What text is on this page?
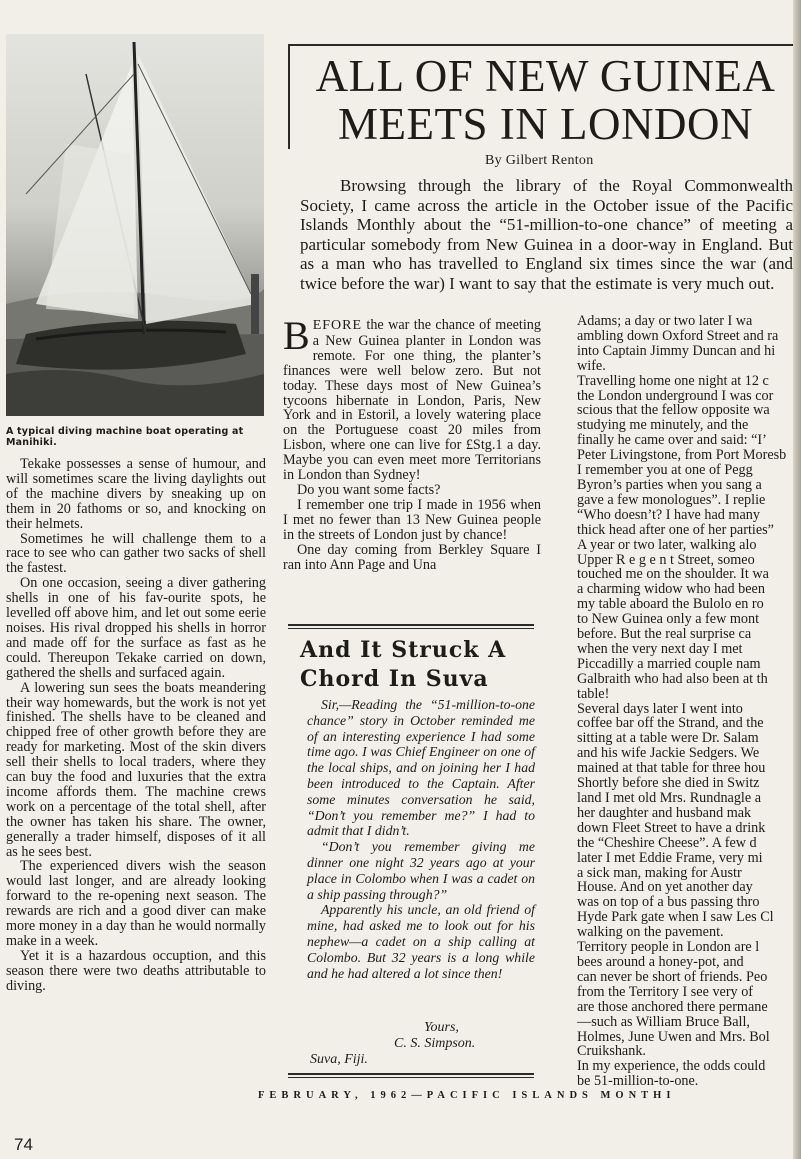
A typical diving machine boat operating at Manihiki.

Tekake possesses a sense of humour, and will sometimes scare the living daylights out of the machine divers by sneaking up on them in 20 fathoms or so, and knocking on their helmets.

Sometimes he will challenge them to a race to see who can gather two sacks of shell the fastest.

On one occasion, seeing a diver gathering shells in one of his fav-ourite spots, he levelled off above him, and let out some eerie noises. His rival dropped his shells in horror and made off for the surface as fast as he could. Thereupon Tekake carried on down, gathered the shells and surfaced again.

A lowering sun sees the boats meandering their way homewards, but the work is not yet finished. The shells have to be cleaned and chipped free of other growth before they are ready for marketing. Most of the skin divers sell their shells to local traders, where they can buy the food and luxuries that the extra income affords them. The machine crews work on a percentage of the total shell, after the owner has taken his share. The owner, generally a trader himself, disposes of it all as he sees best.

The experienced divers wish the season would last longer, and are already looking forward to the re-opening next season. The rewards are rich and a good diver can make more money in a day than he would normally make in a week.

Yet it is a hazardous occuption, and this season there were two deaths attributable to diving.

ALL OF NEW GUINEA
MEETS IN LONDON
By Gilbert Renton

Browsing through the library of the Royal Commonwealth Society, I came across the article in the October issue of the Pacific Islands Monthly about the “51-million-to-one chance” of meeting a particular somebody from New Guinea in a door-way in England. But as a man who has travelled to England six times since the war (and twice before the war) I want to say that the estimate is very much out.

BEFORE the war the chance of meeting a New Guinea planter in London was remote. For one thing, the planter’s finances were well below zero. But not today. These days most of New Guinea’s tycoons hibernate in London, Paris, New York and in Estoril, a lovely watering place on the Portuguese coast 20 miles from Lisbon, where one can live for £Stg.1 a day. Maybe you can even meet more Territorians in London than Sydney!

Do you want some facts?

I remember one trip I made in 1956 when I met no fewer than 13 New Guinea people in the streets of London just by chance!

One day coming from Berkley Square I ran into Ann Page and Una

And It Struck A
Chord In Suva

Sir,—Reading the “51-million-to-one chance” story in October reminded me of an interesting experience I had some time ago. I was Chief Engineer on one of the local ships, and on joining her I had been introduced to the Captain. After some minutes conversation he said, “Don’t you remember me?” I had to admit that I didn’t.

“Don’t you remember giving me dinner one night 32 years ago at your place in Colombo when I was a cadet on a ship passing through?”

Apparently his uncle, an old friend of mine, had asked me to look out for his nephew—a cadet on a ship calling at Colombo. But 32 years is a long while and he had altered a lot since then!

Yours,
C. S. Simpson.
Suva, Fiji.

Adams; a day or two later I wa

ambling down Oxford Street and ra

into Captain Jimmy Duncan and hi

wife.

Travelling home one night at 12 c

the London underground I was cor

scious that the fellow opposite wa

studying me minutely, and the

finally he came over and said: “I’

Peter Livingstone, from Port Moresb

I remember you at one of Pegg

Byron’s parties when you sang a

gave a few monologues”. I replie

“Who doesn’t? I have had many

thick head after one of her parties”

A year or two later, walking alo

Upper R e g e n t Street, someo

touched me on the shoulder. It wa

a charming widow who had been

my table aboard the Bulolo en ro

to New Guinea only a few mont

before. But the real surprise ca

when the very next day I met

Piccadilly a married couple nam

Galbraith who had also been at th

table!

Several days later I went into

coffee bar off the Strand, and the

sitting at a table were Dr. Salam

and his wife Jackie Sedgers. We

mained at that table for three hou

Shortly before she died in Switz

land I met old Mrs. Rundnagle a

her daughter and husband mak

down Fleet Street to have a drink

the “Cheshire Cheese”. A few d

later I met Eddie Frame, very mi

a sick man, making for Austr

House. And on yet another day

was on top of a bus passing thro

Hyde Park gate when I saw Les Cl

walking on the pavement.

Territory people in London are l

bees around a honey-pot, and

can never be short of friends. Peo

from the Territory I see very of

are those anchored there permane

—such as William Bruce Ball,

Holmes, June Uwen and Mrs. Bol

Cruikshank.

In my experience, the odds could

be 51-million-to-one.

74
FEBRUARY, 1962—PACIFIC ISLANDS MONTHI
